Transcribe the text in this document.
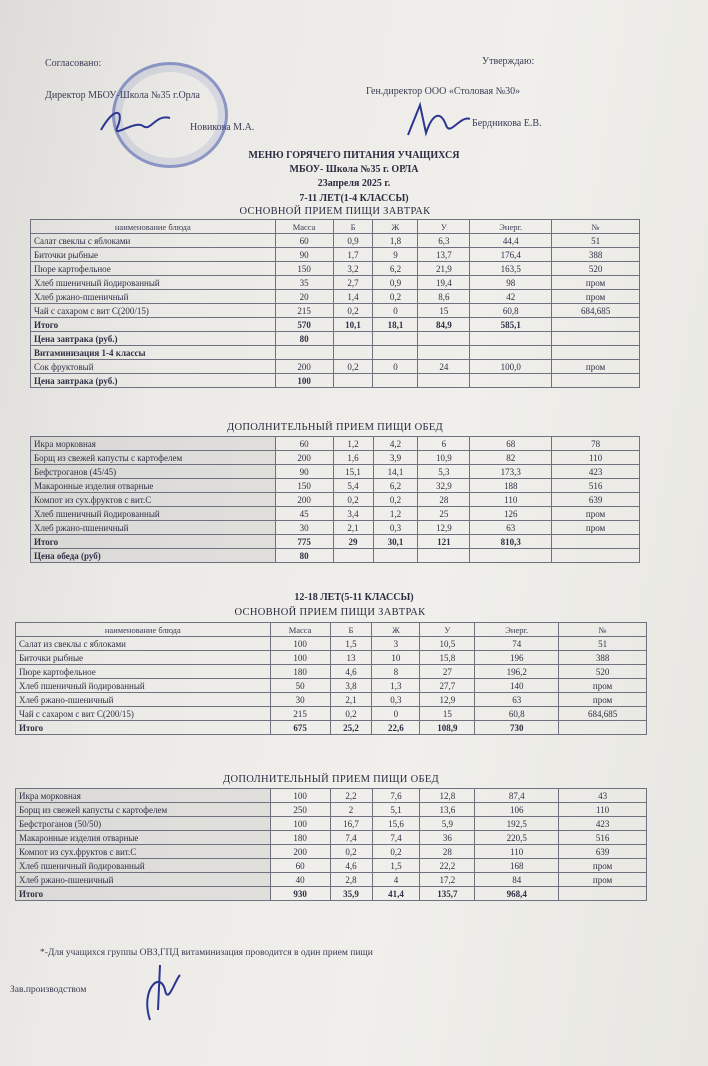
Согласовано:	Утверждаю:
Директор МБОУ-Школа №35 г.Орла	Ген.директор ООО «Столовая №30»
Новикова М.А.	Бердникова Е.В.
МЕНЮ ГОРЯЧЕГО ПИТАНИЯ УЧАЩИХСЯ
МБОУ- Школа №35 г. ОРЛА
23апреля 2025 г.
7-11 ЛЕТ(1-4 КЛАССЫ)
ОСНОВНОЙ ПРИЕМ ПИЩИ ЗАВТРАК
наименование блюда	Масса	Б	Ж	У	Энерг.	№
Салат свеклы с яблоками	60	0,9	1,8	6,3	44,4	51
Биточки рыбные	90	1,7	9	13,7	176,4	388
Пюре картофельное	150	3,2	6,2	21,9	163,5	520
Хлеб пшеничный йодированный	35	2,7	0,9	19,4	98	пром
Хлеб ржано-пшеничный	20	1,4	0,2	8,6	42	пром
Чай с сахаром с вит С(200/15)	215	0,2	0	15	60,8	684,685
Итого	570	10,1	18,1	84,9	585,1	
Цена завтрака (руб.)	80					
Витаминизация 1-4 классы						
Сок фруктовый	200	0,2	0	24	100,0	пром
Цена завтрака (руб.)	100					
ДОПОЛНИТЕЛЬНЫЙ ПРИЕМ ПИЩИ ОБЕД
Икра морковная	60	1,2	4,2	6	68	78
Борщ из свежей капусты с картофелем	200	1,6	3,9	10,9	82	110
Бефстроганов (45/45)	90	15,1	14,1	5,3	173,3	423
Макаронные изделия отварные	150	5,4	6,2	32,9	188	516
Компот из сух.фруктов с вит.С	200	0,2	0,2	28	110	639
Хлеб пшеничный йодированный	45	3,4	1,2	25	126	пром
Хлеб ржано-пшеничный	30	2,1	0,3	12,9	63	пром
Итого	775	29	30,1	121	810,3	
Цена обеда (руб)	80					
12-18 ЛЕТ(5-11 КЛАССЫ)
ОСНОВНОЙ ПРИЕМ ПИЩИ ЗАВТРАК
наименование блюда	Масса	Б	Ж	У	Энерг.	№
Салат из свеклы с яблоками	100	1,5	3	10,5	74	51
Биточки рыбные	100	13	10	15,8	196	388
Пюре картофельное	180	4,6	8	27	196,2	520
Хлеб пшеничный йодированный	50	3,8	1,3	27,7	140	пром
Хлеб ржано-пшеничный	30	2,1	0,3	12,9	63	пром
Чай с сахаром с вит С(200/15)	215	0,2	0	15	60,8	684,685
Итого	675	25,2	22,6	108,9	730	
ДОПОЛНИТЕЛЬНЫЙ ПРИЕМ ПИЩИ ОБЕД
Икра морковная	100	2,2	7,6	12,8	87,4	43
Борщ из свежей капусты с картофелем	250	2	5,1	13,6	106	110
Бефстроганов (50/50)	100	16,7	15,6	5,9	192,5	423
Макаронные изделия отварные	180	7,4	7,4	36	220,5	516
Компот из сух.фруктов с вит.С	200	0,2	0,2	28	110	639
Хлеб пшеничный йодированный	60	4,6	1,5	22,2	168	пром
Хлеб ржано-пшеничный	40	2,8	4	17,2	84	пром
Итого	930	35,9	41,4	135,7	968,4	
*-Для учащихся группы ОВЗ,ГПД витаминизация проводится в один прием пищи
Зав.производством
